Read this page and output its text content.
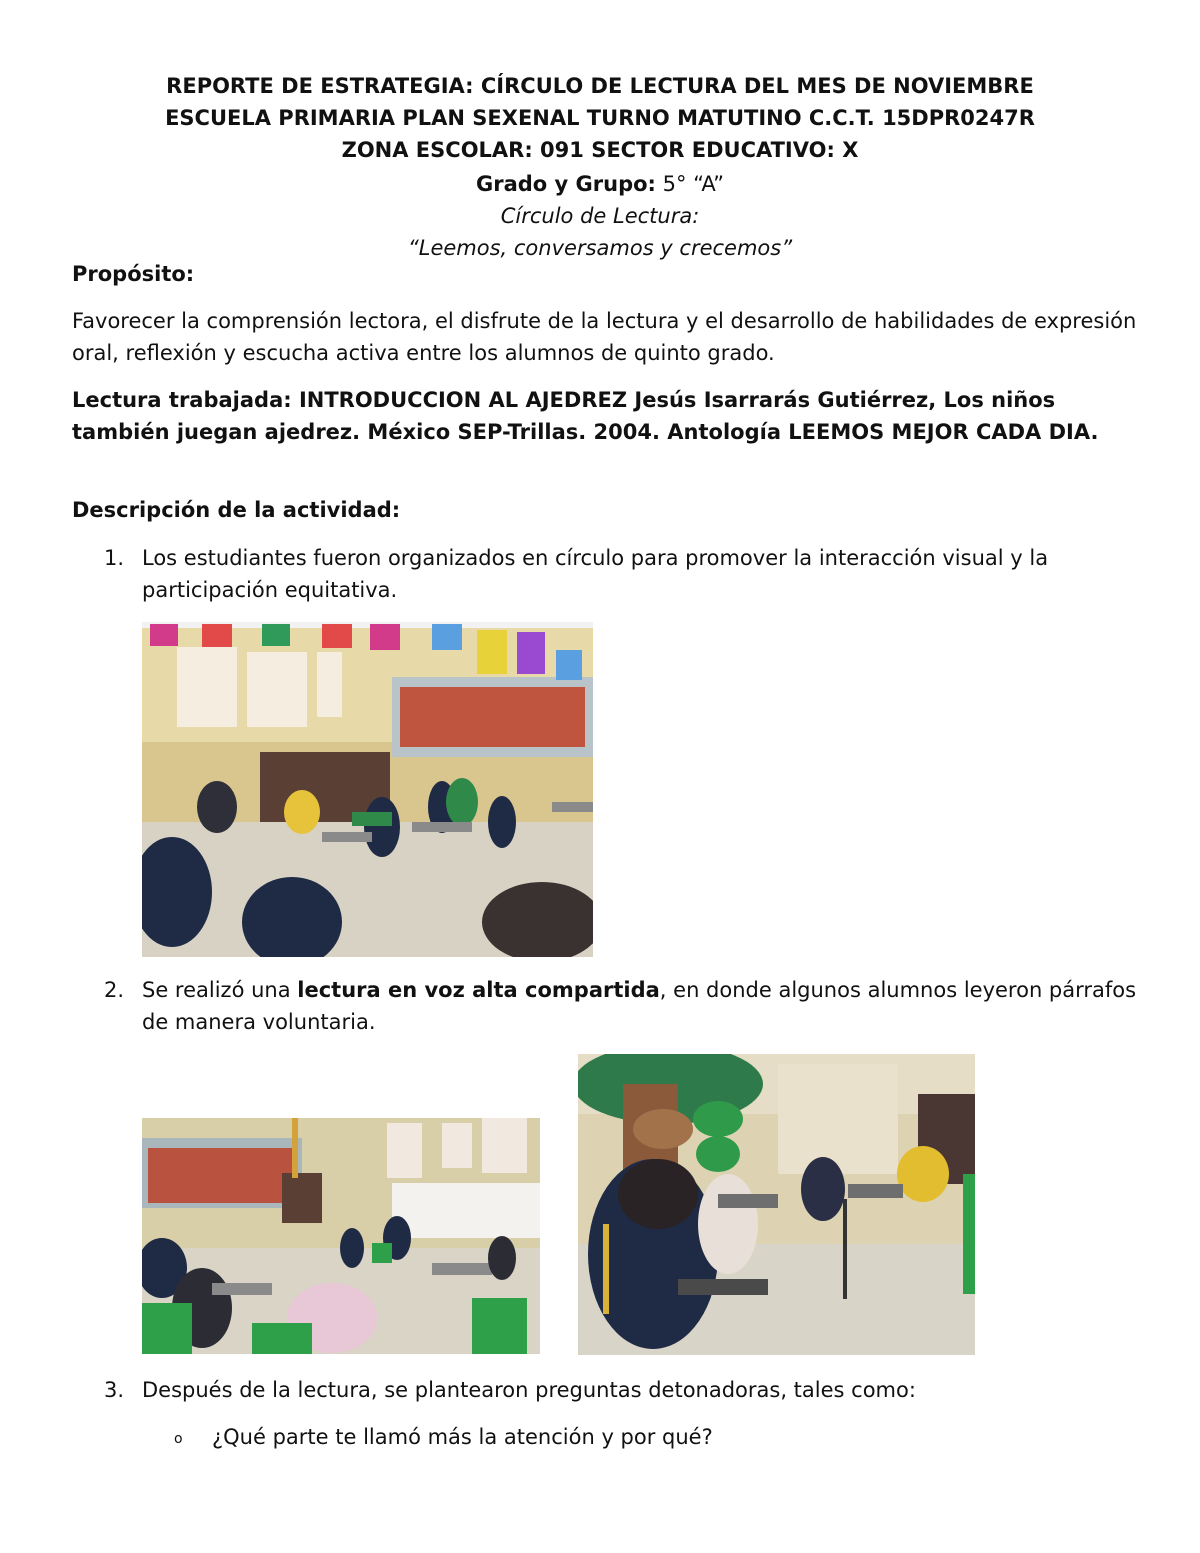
REPORTE DE ESTRATEGIA: CÍRCULO DE LECTURA DEL MES DE NOVIEMBRE
ESCUELA PRIMARIA PLAN SEXENAL TURNO MATUTINO C.C.T. 15DPR0247R
ZONA ESCOLAR: 091 SECTOR EDUCATIVO: X
Grado y Grupo: 5° “A”
Círculo de Lectura:
“Leemos, conversamos y crecemos”
Propósito:
Favorecer la comprensión lectora, el disfrute de la lectura y el desarrollo de habilidades de expresión oral, reflexión y escucha activa entre los alumnos de quinto grado.
Lectura trabajada: INTRODUCCION AL AJEDREZ Jesús Isarrarás Gutiérrez, Los niños también juegan ajedrez. México SEP-Trillas. 2004. Antología LEEMOS MEJOR CADA DIA.
Descripción de la actividad:
1. Los estudiantes fueron organizados en círculo para promover la interacción visual y la participación equitativa.
2. Se realizó una lectura en voz alta compartida, en donde algunos alumnos leyeron párrafos de manera voluntaria.
3. Después de la lectura, se plantearon preguntas detonadoras, tales como:
o ¿Qué parte te llamó más la atención y por qué?
